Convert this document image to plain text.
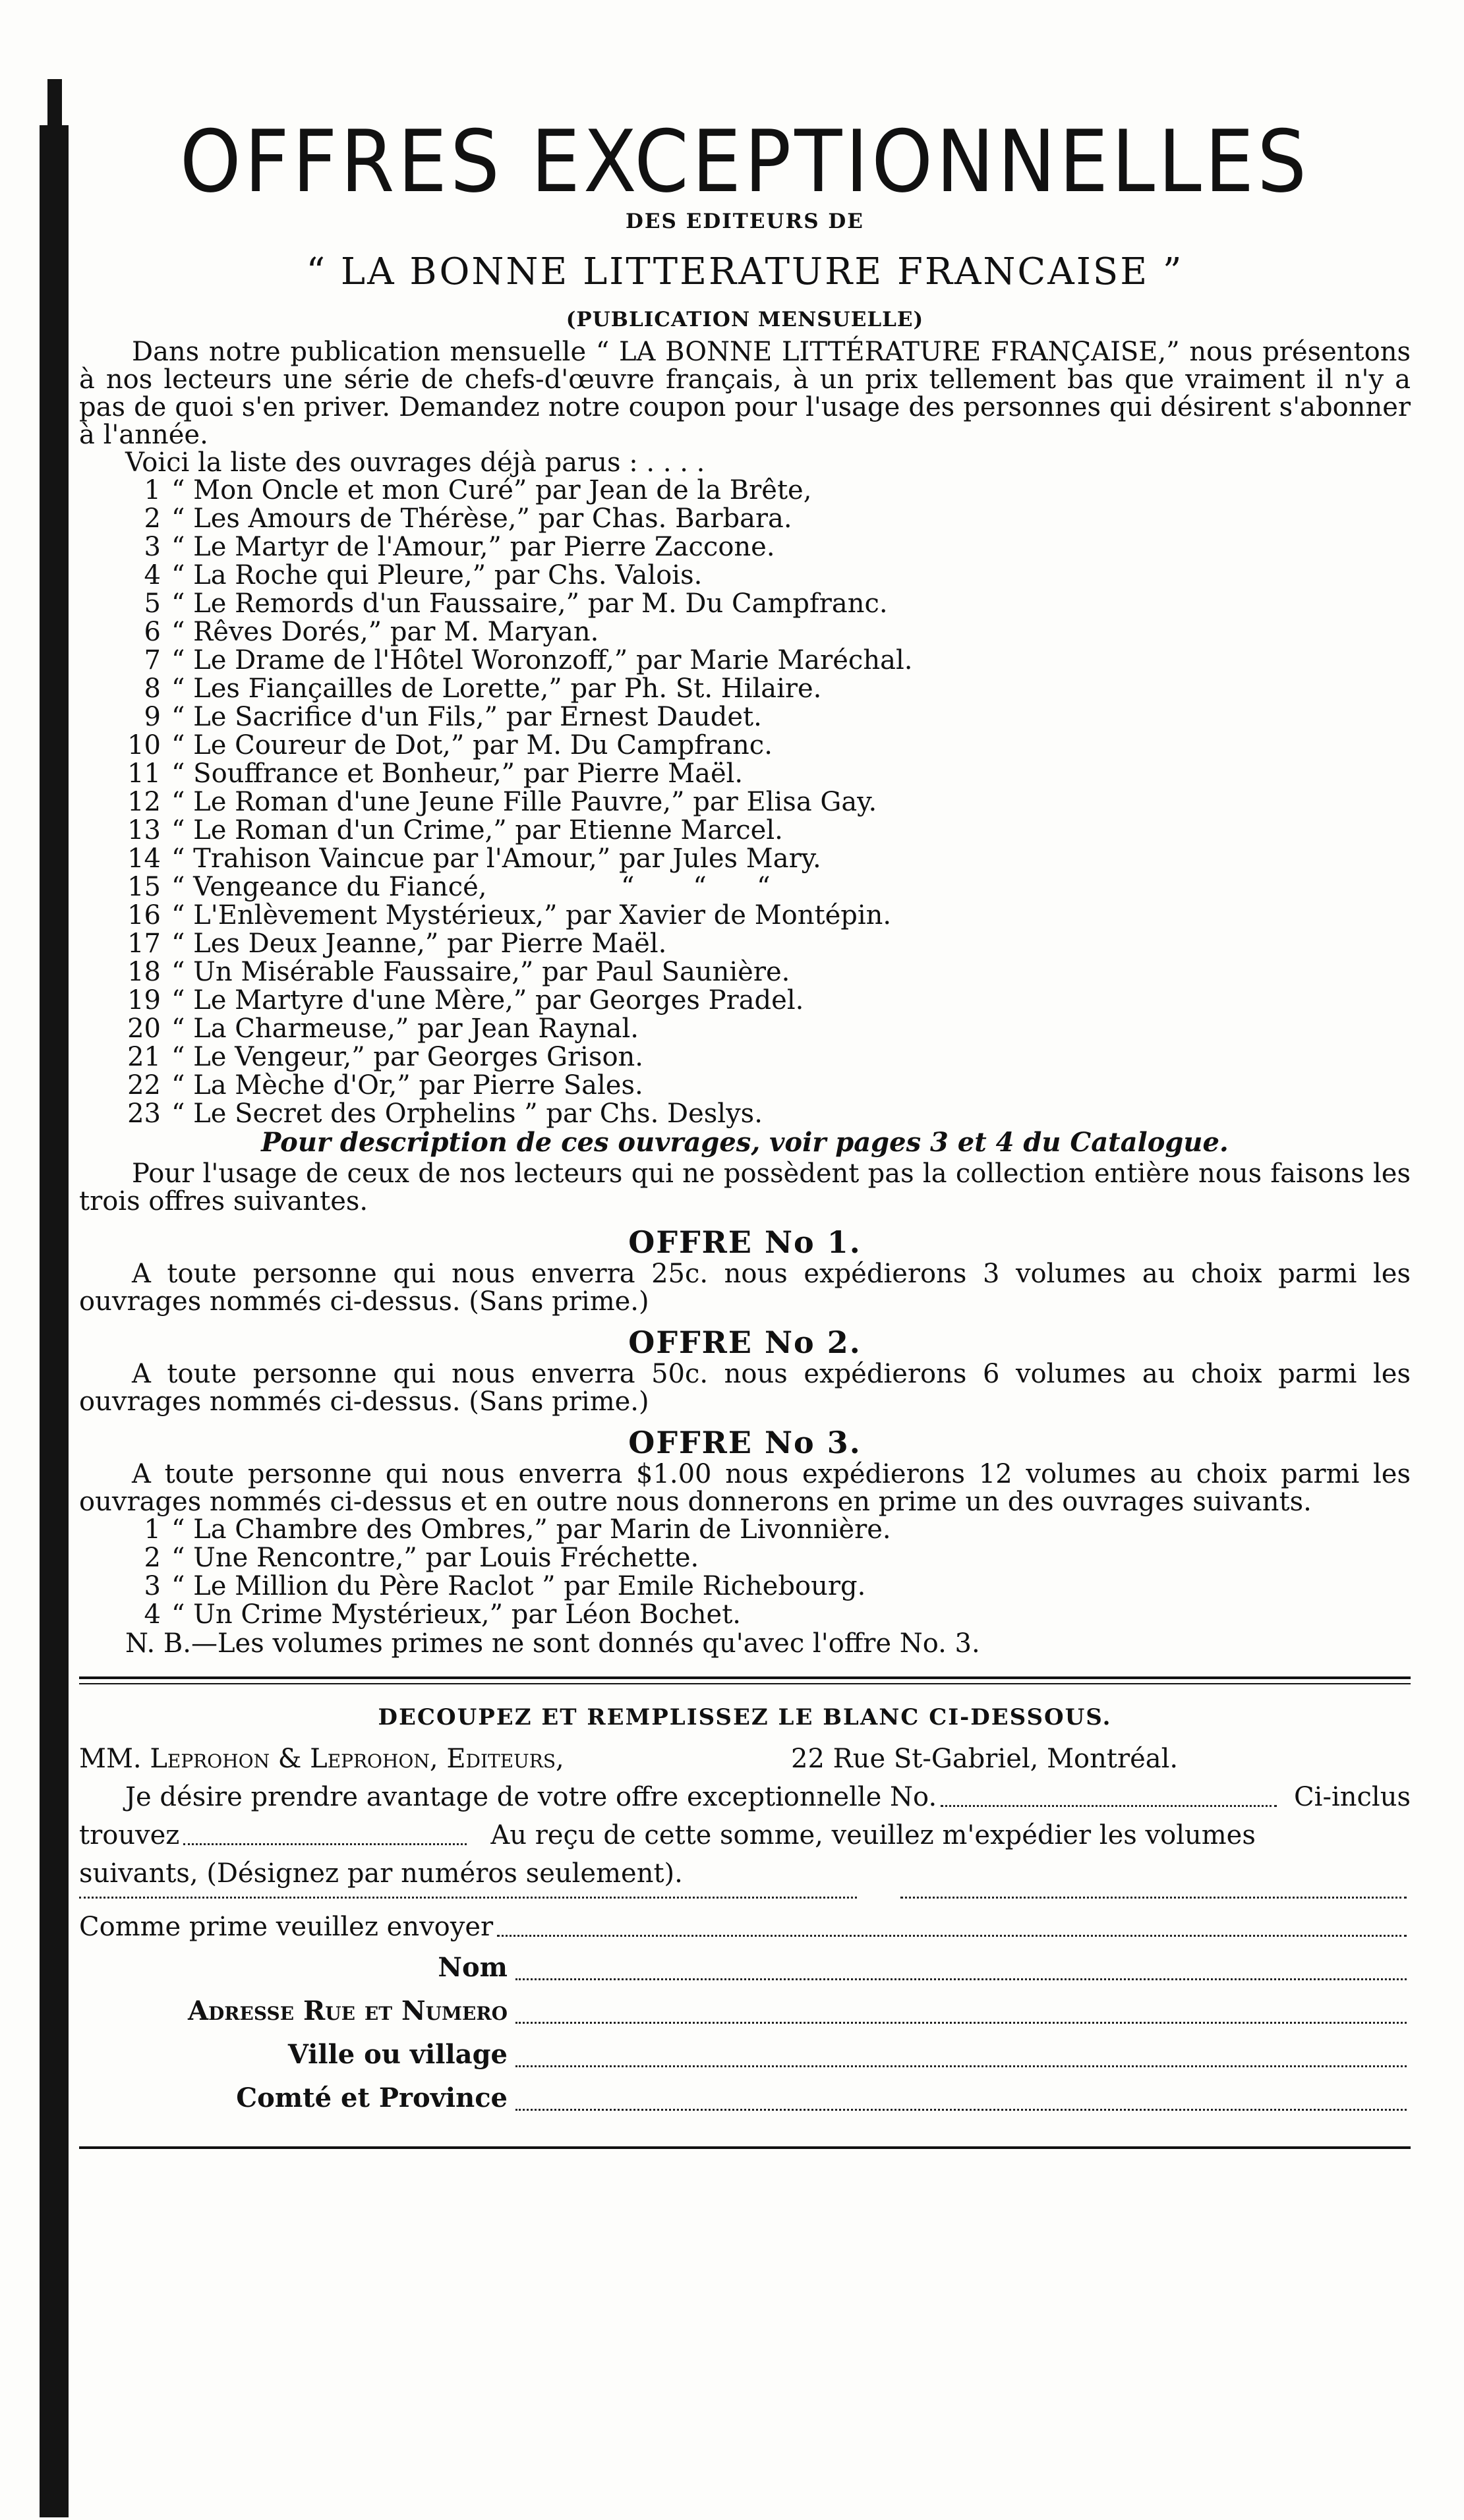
OFFRES EXCEPTIONNELLES
DES EDITEURS DE
“ LA BONNE LITTERATURE FRANCAISE ”
(PUBLICATION MENSUELLE)
Dans notre publication mensuelle “ LA BONNE LITTÉRATURE FRANÇAISE,” nous présentons à nos lecteurs une série de chefs-d'œuvre français, à un prix tellement bas que vraiment il n'y a pas de quoi s'en priver. Demandez notre coupon pour l'usage des personnes qui désirent s'abonner à l'année.
Voici la liste des ouvrages déjà parus : . . . .
1 “ Mon Oncle et mon Curé” par Jean de la Brête,
2 “ Les Amours de Thérèse,” par Chas. Barbara.
3 “ Le Martyr de l'Amour,” par Pierre Zaccone.
4 “ La Roche qui Pleure,” par Chs. Valois.
5 “ Le Remords d'un Faussaire,” par M. Du Campfranc.
6 “ Rêves Dorés,” par M. Maryan.
7 “ Le Drame de l'Hôtel Woronzoff,” par Marie Maréchal.
8 “ Les Fiançailles de Lorette,” par Ph. St. Hilaire.
9 “ Le Sacrifice d'un Fils,” par Ernest Daudet.
10 “ Le Coureur de Dot,” par M. Du Campfranc.
11 “ Souffrance et Bonheur,” par Pierre Maël.
12 “ Le Roman d'une Jeune Fille Pauvre,” par Elisa Gay.
13 “ Le Roman d'un Crime,” par Etienne Marcel.
14 “ Trahison Vaincue par l'Amour,” par Jules Mary.
15 “ Vengeance du Fiancé,                “       “      “
16 “ L'Enlèvement Mystérieux,” par Xavier de Montépin.
17 “ Les Deux Jeanne,” par Pierre Maël.
18 “ Un Misérable Faussaire,” par Paul Saunière.
19 “ Le Martyre d'une Mère,” par Georges Pradel.
20 “ La Charmeuse,” par Jean Raynal.
21 “ Le Vengeur,” par Georges Grison.
22 “ La Mèche d'Or,” par Pierre Sales.
23 “ Le Secret des Orphelins ” par Chs. Deslys.
Pour description de ces ouvrages, voir pages 3 et 4 du Catalogue.
Pour l'usage de ceux de nos lecteurs qui ne possèdent pas la collection entière nous faisons les trois offres suivantes.
OFFRE No 1.
A toute personne qui nous enverra 25c. nous expédierons 3 volumes au choix parmi les ouvrages nommés ci-dessus. (Sans prime.)
OFFRE No 2.
A toute personne qui nous enverra 50c. nous expédierons 6 volumes au choix parmi les ouvrages nommés ci-dessus. (Sans prime.)
OFFRE No 3.
A toute personne qui nous enverra $1.00 nous expédierons 12 volumes au choix parmi les ouvrages nommés ci-dessus et en outre nous donnerons en prime un des ouvrages suivants.
1 “ La Chambre des Ombres,” par Marin de Livonnière.
2 “ Une Rencontre,” par Louis Fréchette.
3 “ Le Million du Père Raclot ” par Emile Richebourg.
4 “ Un Crime Mystérieux,” par Léon Bochet.
N. B.—Les volumes primes ne sont donnés qu'avec l'offre No. 3.
DECOUPEZ ET REMPLISSEZ LE BLANC CI-DESSOUS.
MM. Leprohon & Leprohon, Editeurs,	22 Rue St-Gabriel, Montréal.
Je désire prendre avantage de votre offre exceptionnelle No.	Ci-inclus
trouvez	Au reçu de cette somme, veuillez m'expédier les volumes
suivants, (Désignez par numéros seulement).
Comme prime veuillez envoyer
Nom
Adresse Rue et Numero
Ville ou village
Comté et Province
